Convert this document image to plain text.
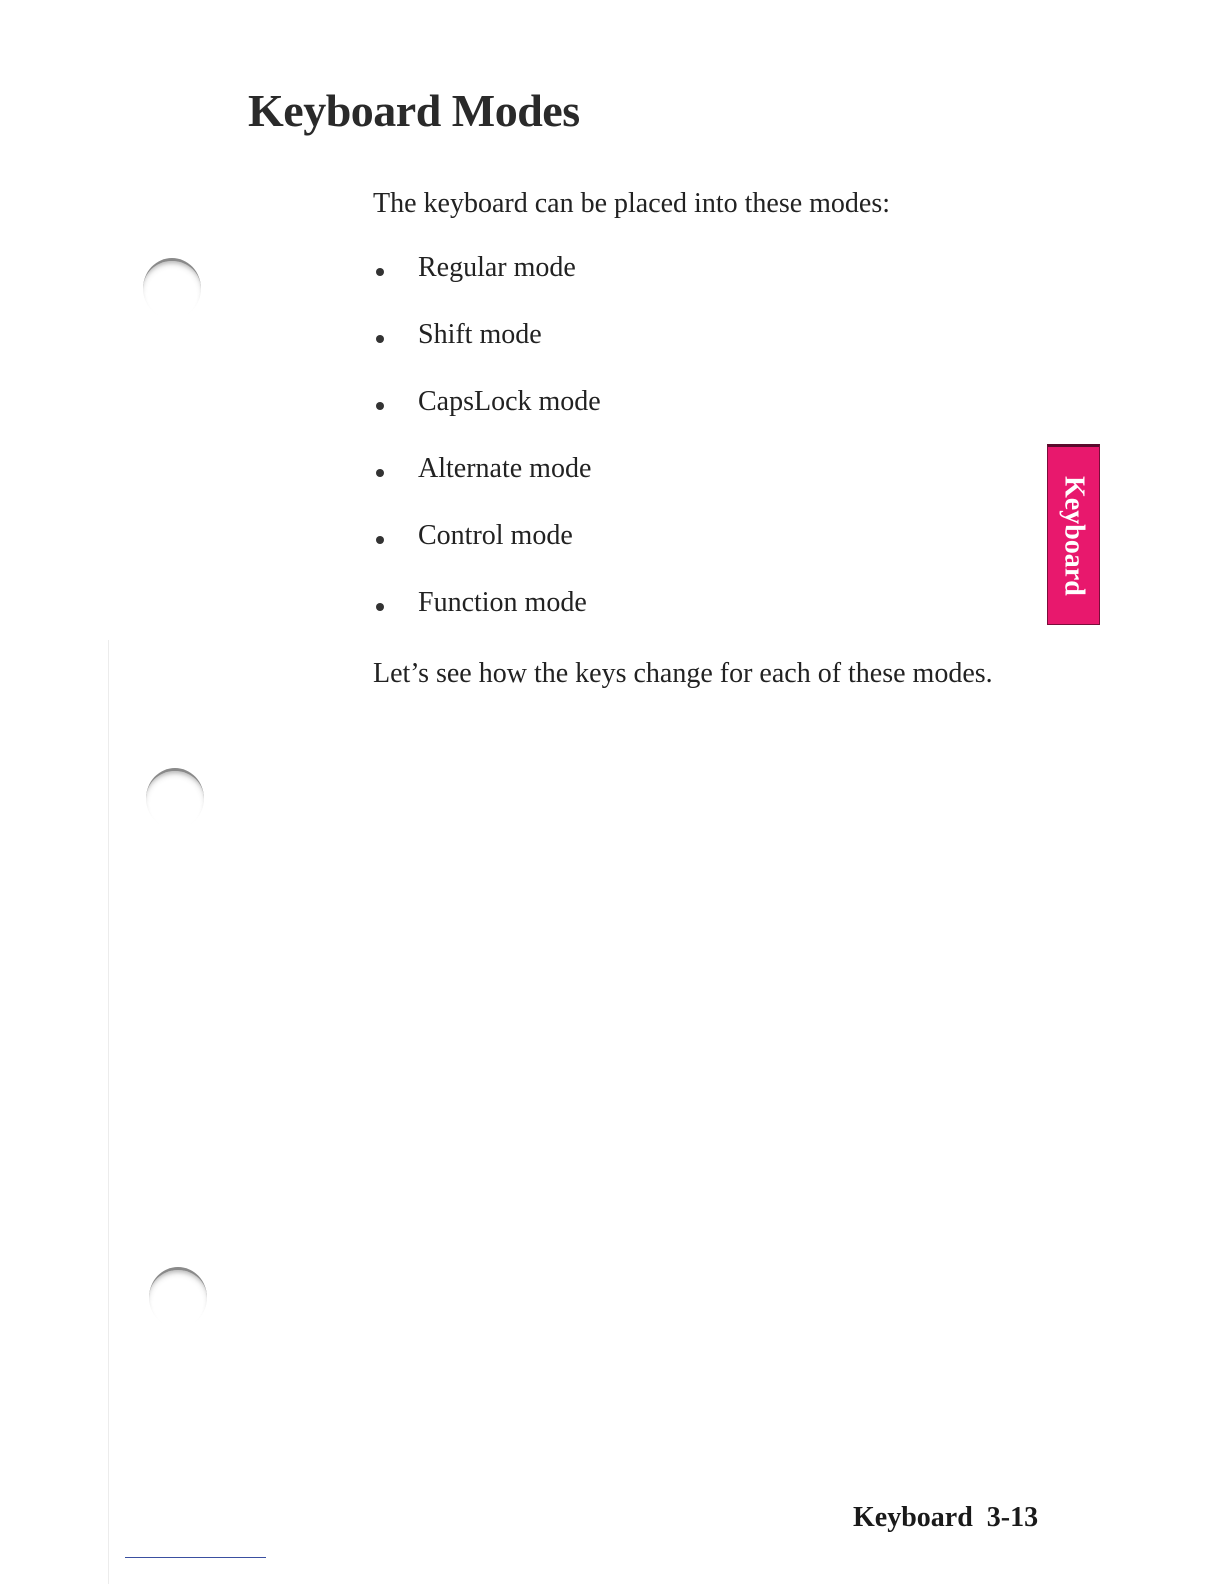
Keyboard Modes

The keyboard can be placed into these modes:

Regular mode
Shift mode
CapsLock mode
Alternate mode
Control mode
Function mode

Let’s see how the keys change for each of these modes.

Keyboard

Keyboard 3-13
